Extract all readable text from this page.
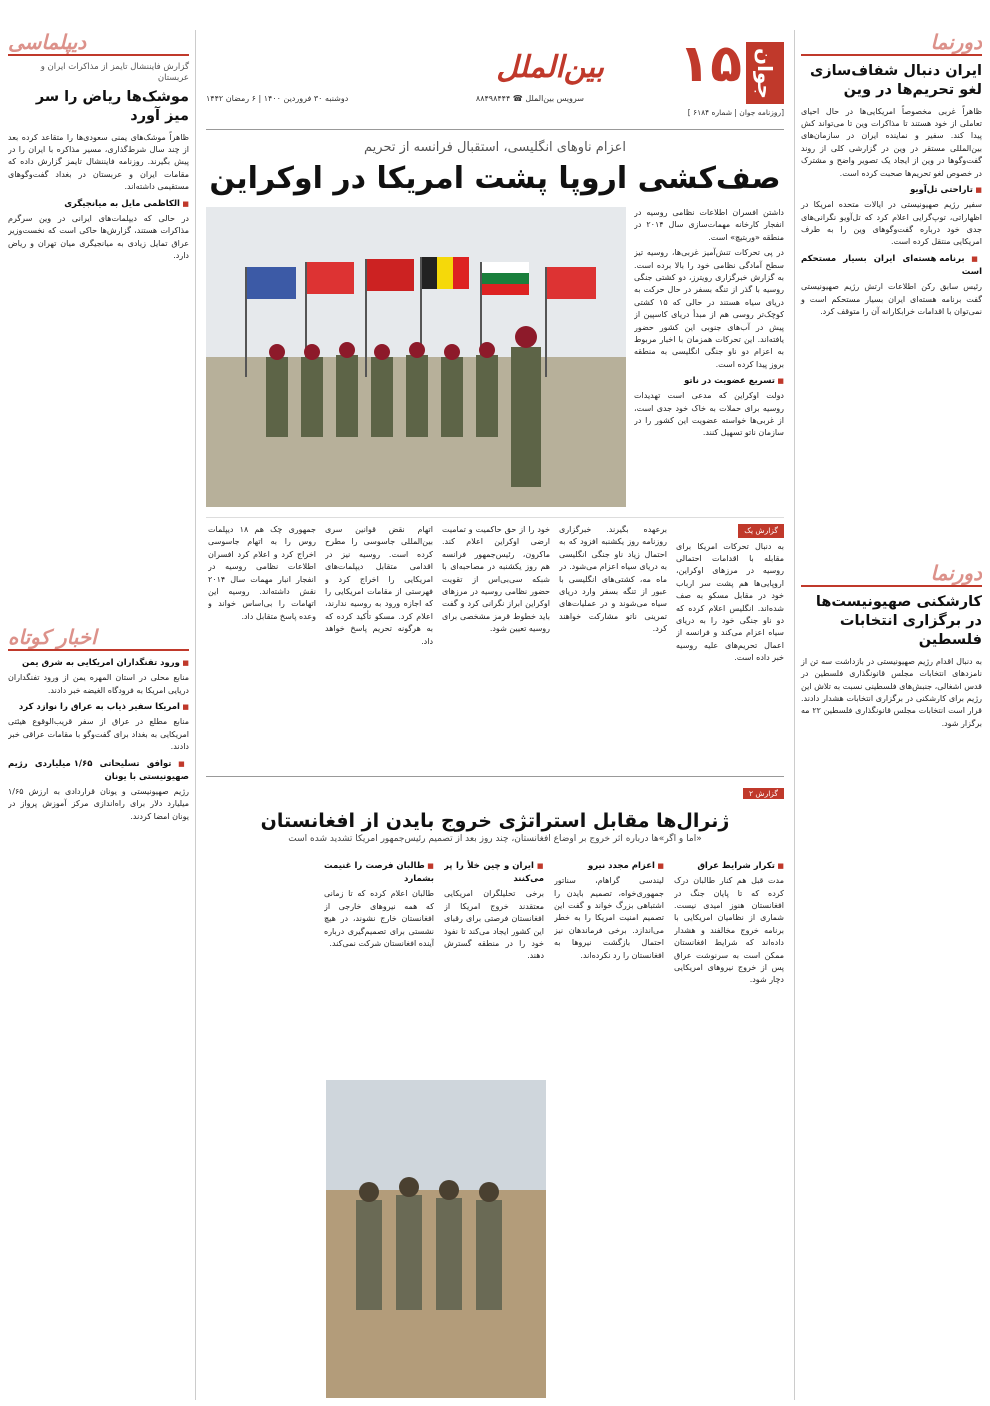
دورنما
ایران دنبال شفاف‌سازی لغو تحریم‌ها در وین

ظاهراً غربی مخصوصاً امریکایی‌ها در حال احیای تعاملی از خود هستند تا مذاکرات وین تا می‌تواند کش پیدا کند. سفیر و نماینده ایران در سازمان‌های بین‌المللی مستقر در وین در گزارشی کلی از روند گفت‌وگوها در وین از ایجاد یک تصویر واضح و مشترک در خصوص لغو تحریم‌ها صحبت کرده است.

■ تاراحتی تل‌آویو

سفیر رژیم صهیونیستی در ایالات متحده امریکا در اظهاراتی، توپ‌گرایی اعلام کرد که تل‌آویو نگرانی‌های جدی خود درباره گفت‌وگوهای وین را به طرف امریکایی منتقل کرده است.

■ برنامه هسته‌ای ایران بسیار مستحکم است

رئیس سابق رکن اطلاعات ارتش رژیم صهیونیستی گفت برنامه هسته‌ای ایران بسیار مستحکم است و نمی‌توان با اقدامات خرابکارانه آن را متوقف کرد.

دورنما
کارشکنی صهیونیست‌ها در برگزاری انتخابات فلسطین

به دنبال اقدام رژیم صهیونیستی در بازداشت سه تن از نامزدهای انتخابات مجلس قانونگذاری فلسطین در قدس اشغالی، جنبش‌های فلسطینی نسبت به تلاش این رژیم برای کارشکنی در برگزاری انتخابات هشدار دادند. قرار است انتخابات مجلس قانونگذاری فلسطین ۲۲ مه برگزار شود.

دیپلماسی
گزارش فایننشال تایمز از مذاکرات ایران و عربستان
موشک‌ها ریاض را سر میز آورد

ظاهراً موشک‌های یمنی سعودی‌ها را متقاعد کرده بعد از چند سال شرط‌گذاری، مسیر مذاکره با ایران را در پیش بگیرند. روزنامه فایننشال تایمز گزارش داده که مقامات ایران و عربستان در بغداد گفت‌وگوهای مستقیمی داشته‌اند.

■ الکاظمی مایل به میانجیگری

در حالی که دیپلمات‌های ایرانی در وین سرگرم مذاکرات هستند، گزارش‌ها حاکی است که نخست‌وزیر عراق تمایل زیادی به میانجیگری میان تهران و ریاض دارد.

اخبار کوتاه
■ ورود تفنگداران امریکایی به شرق یمن

منابع محلی در استان المهره یمن از ورود تفنگداران دریایی امریکا به فرودگاه الغیضه خبر دادند.

■ امریکا سفیر ذیاب به عراق را نوازد کرد

منابع مطلع در عراق از سفر قریب‌الوقوع هیئتی امریکایی به بغداد برای گفت‌وگو با مقامات عراقی خبر دادند.

■ توافق تسلیحاتی ۱/۶۵ میلیاردی رژیم صهیونیستی با یونان

رژیم صهیونیستی و یونان قراردادی به ارزش ۱/۶۵ میلیارد دلار برای راه‌اندازی مرکز آموزش پرواز در یونان امضا کردند.

جوان
۱۵
[روزنامه جوان | شماره ۶۱۸۴ ]
بین‌الملل
سرویس بین‌الملل ☎ ۸۸۴۹۸۴۴۴
دوشنبه ۳۰ فروردین ۱۴۰۰ | ۶ رمضان ۱۴۴۲
اعزام ناوهای انگلیسی، استقبال فرانسه از تحریم
صف‌کشی اروپا پشت امریکا در اوکراین

داشتن افسران اطلاعات نظامی روسیه در انفجار کارخانه مهمات‌سازی سال ۲۰۱۴ در منطقه «وربتیچ» است.

در پی تحرکات تنش‌آمیز غربی‌ها، روسیه تیز سطح آمادگی نظامی خود را بالا برده است. به گزارش خبرگزاری رویترز، دو کشتی جنگی روسیه با گذر از تنگه بسفر در حال حرکت به دریای سیاه هستند در حالی که ۱۵ کشتی کوچک‌تر روسی هم از مبدأ دریای کاسپین از پیش در آب‌های جنوبی این کشور حضور یافته‌اند. این تحرکات همزمان با اخبار مربوط به اعزام دو ناو جنگی انگلیسی به منطقه بروز پیدا کرده است.

■ تسریع عضویت در ناتو

دولت اوکراین که مدعی است تهدیدات روسیه برای حملات به خاک خود جدی است، از غربی‌ها خواسته عضویت این کشور را در سازمان ناتو تسهیل کنند.

گزارش یک

به دنبال تحرکات امریکا برای مقابله با اقدامات احتمالی روسیه در مرزهای اوکراین، اروپایی‌ها هم پشت سر ارباب خود در مقابل مسکو به صف شده‌اند. انگلیس اعلام کرده که دو ناو جنگی خود را به دریای سیاه اعزام می‌کند و فرانسه از اعمال تحریم‌های علیه روسیه خبر داده است.

برعهده بگیرند. خبرگزاری روزنامه روز یکشنبه افزود که به احتمال زیاد ناو جنگی انگلیسی به دریای سیاه اعزام می‌شود. در ماه مه، کشتی‌های انگلیسی با عبور از تنگه بسفر وارد دریای سیاه می‌شوند و در عملیات‌های تمرینی ناتو مشارکت خواهند کرد.

خود را از حق حاکمیت و تمامیت ارضی اوکراین اعلام کند. ماکرون، رئیس‌جمهور فرانسه هم روز یکشنبه در مصاحبه‌ای با شبکه سی‌بی‌اس از تقویت حضور نظامی روسیه در مرزهای اوکراین ابراز نگرانی کرد و گفت باید خطوط قرمز مشخصی برای روسیه تعیین شود.

اتهام نقض قوانین سری بین‌المللی جاسوسی را مطرح کرده است. روسیه نیز در اقدامی متقابل دیپلمات‌های امریکایی را اخراج کرد و فهرستی از مقامات امریکایی را که اجازه ورود به روسیه ندارند، اعلام کرد. مسکو تأکید کرده که به هرگونه تحریم پاسخ خواهد داد.

جمهوری چک هم ۱۸ دیپلمات روس را به اتهام جاسوسی اخراج کرد و اعلام کرد افسران اطلاعات نظامی روسیه در انفجار انبار مهمات سال ۲۰۱۴ نقش داشته‌اند. روسیه این اتهامات را بی‌اساس خواند و وعده پاسخ متقابل داد.

گزارش ۲
ژنرال‌ها مقابل استراتژی خروج بایدن از افغانستان
«اما و اگر»ها درباره اثر خروج بر اوضاع افغانستان، چند روز بعد از تصمیم رئیس‌جمهور امریکا تشدید شده است
■ تکرار شرایط عراق

مدت قبل هم کنار طالبان درک کرده که تا پایان جنگ در افغانستان هنوز امیدی نیست. شماری از نظامیان امریکایی با برنامه خروج مخالفند و هشدار داده‌اند که شرایط افغانستان ممکن است به سرنوشت عراق پس از خروج نیروهای امریکایی دچار شود.

■ اعزام مجدد نیرو

لیندسی گراهام، سناتور جمهوری‌خواه، تصمیم بایدن را اشتباهی بزرگ خواند و گفت این تصمیم امنیت امریکا را به خطر می‌اندازد. برخی فرماندهان نیز احتمال بازگشت نیروها به افغانستان را رد نکرده‌اند.

■ ایران و چین خلأ را پر می‌کنند

برخی تحلیلگران امریکایی معتقدند خروج امریکا از افغانستان فرصتی برای رقبای این کشور ایجاد می‌کند تا نفوذ خود را در منطقه گسترش دهند.

■ طالبان فرصت را غنیمت بشمارد

طالبان اعلام کرده که تا زمانی که همه نیروهای خارجی از افغانستان خارج نشوند، در هیچ نشستی برای تصمیم‌گیری درباره آینده افغانستان شرکت نمی‌کند.
